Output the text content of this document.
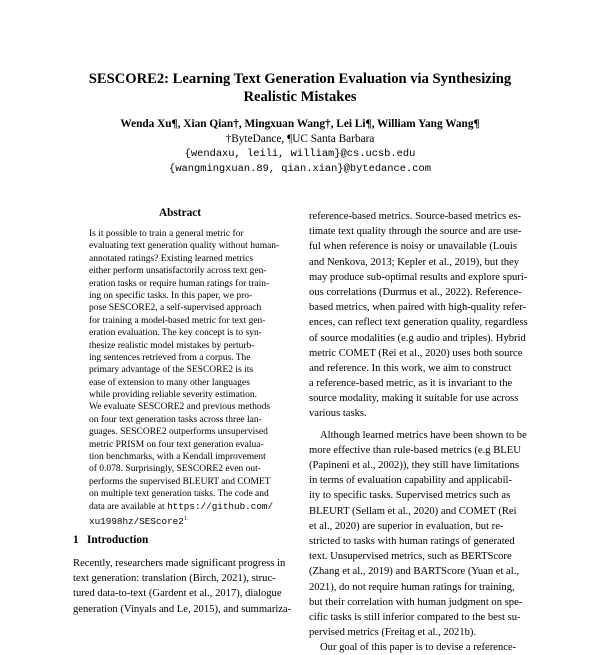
SESCORE2: Learning Text Generation Evaluation via Synthesizing
Realistic Mistakes
Wenda Xu¶, Xian Qian†, Mingxuan Wang†, Lei Li¶, William Yang Wang¶
†ByteDance, ¶UC Santa Barbara
{wendaxu, leili, william}@cs.ucsb.edu
{wangmingxuan.89, qian.xian}@bytedance.com
Abstract
Is it possible to train a general metric for
evaluating text generation quality without human-
annotated ratings? Existing learned metrics
either perform unsatisfactorily across text gen-
eration tasks or require human ratings for train-
ing on specific tasks. In this paper, we pro-
pose SESCORE2, a self-supervised approach
for training a model-based metric for text gen-
eration evaluation. The key concept is to syn-
thesize realistic model mistakes by perturb-
ing sentences retrieved from a corpus. The
primary advantage of the SESCORE2 is its
ease of extension to many other languages
while providing reliable severity estimation.
We evaluate SESCORE2 and previous methods
on four text generation tasks across three lan-
guages. SESCORE2 outperforms unsupervised
metric PRISM on four text generation evalua-
tion benchmarks, with a Kendall improvement
of 0.078. Surprisingly, SESCORE2 even out-
performs the supervised BLEURT and COMET
on multiple text generation tasks. The code and
data are available at https://github.com/
$xu1998hz/SEScore2^{1.}$
1 Introduction
Recently, researchers made significant progress in
text generation: translation (Birch, 2021), struc-
tured data-to-text (Gardent et al., 2017), dialogue
generation (Vinyals and Le, 2015), and summariza-
reference-based metrics. Source-based metrics es-
timate text quality through the source and are use-
ful when reference is noisy or unavailable (Louis
and Nenkova, 2013; Kepler et al., 2019), but they
may produce sub-optimal results and explore spuri-
ous correlations (Durmus et al., 2022). Reference-
based metrics, when paired with high-quality refer-
ences, can reflect text generation quality, regardless
of source modalities (e.g audio and triples). Hybrid
metric COMET (Rei et al., 2020) uses both source
and reference. In this work, we aim to construct
a reference-based metric, as it is invariant to the
source modality, making it suitable for use across
various tasks.
Although learned metrics have been shown to be
more effective than rule-based metrics (e.g BLEU
(Papineni et al., 2002)), they still have limitations
in terms of evaluation capability and applicabil-
ity to specific tasks. Supervised metrics such as
BLEURT (Sellam et al., 2020) and COMET (Rei
et al., 2020) are superior in evaluation, but re-
stricted to tasks with human ratings of generated
text. Unsupervised metrics, such as BERTScore
(Zhang et al., 2019) and BARTScore (Yuan et al.,
2021), do not require human ratings for training,
but their correlation with human judgment on spe-
cific tasks is still inferior compared to the best su-
pervised metrics (Freitag et al., 2021b).
Our goal of this paper is to devise a reference-
